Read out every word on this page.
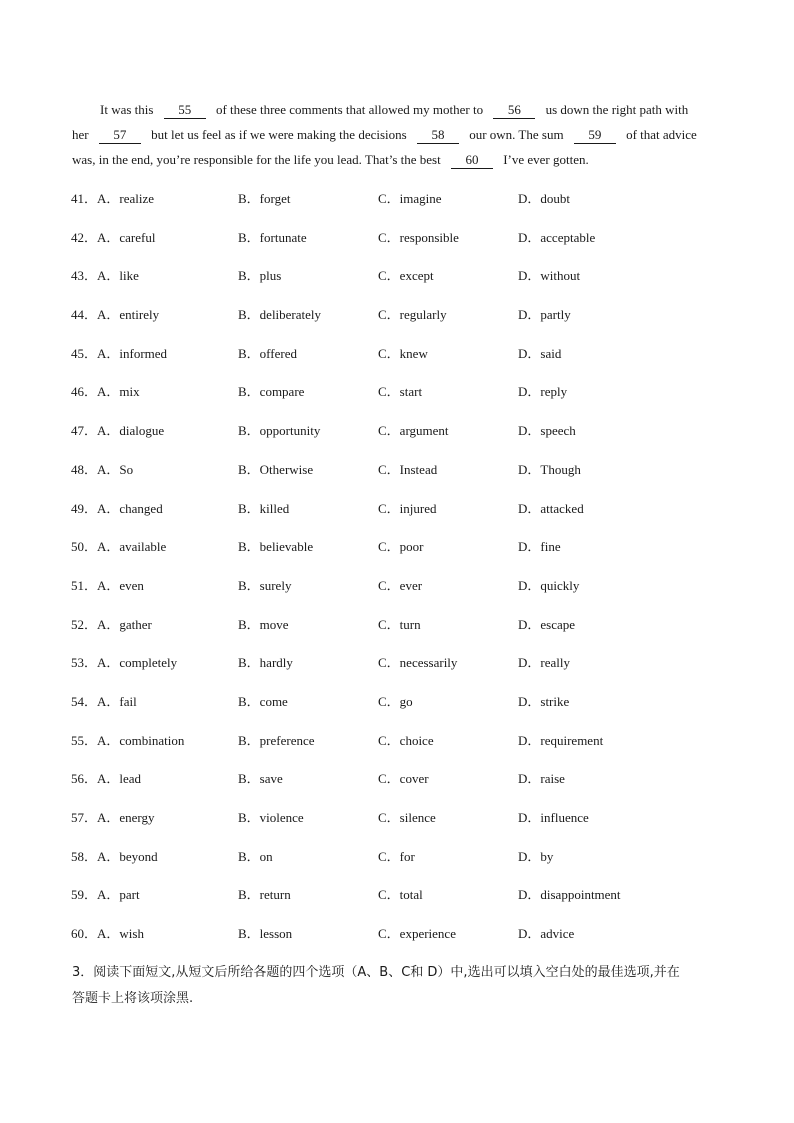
It was this 55 of these three comments that allowed my mother to 56 us down the right path with
her 57 but let us feel as if we were making the decisions 58 our own. The sum 59 of that advice
was, in the end, you’re responsible for the life you lead. That’s the best 60 I’ve ever gotten.
41． A．realize	B．forget	C．imagine	D．doubt
42． A．careful	B．fortunate	C．responsible	D．acceptable
43． A．like	B．plus	C．except	D．without
44． A．entirely	B．deliberately	C．regularly	D．partly
45． A．informed	B．offered	C．knew	D．said
46． A．mix	B．compare	C．start	D．reply
47． A．dialogue	B．opportunity	C．argument	D．speech
48． A．So	B．Otherwise	C．Instead	D．Though
49． A．changed	B．killed	C．injured	D．attacked
50． A．available	B．believable	C．poor	D．fine
51． A．even	B．surely	C．ever	D．quickly
52． A．gather	B．move	C．turn	D．escape
53． A．completely	B．hardly	C．necessarily	D．really
54． A．fail	B．come	C．go	D．strike
55． A．combination	B．preference	C．choice	D．requirement
56． A．lead	B．save	C．cover	D．raise
57． A．energy	B．violence	C．silence	D．influence
58． A．beyond	B．on	C．for	D．by
59． A．part	B．return	C．total	D．disappointment
60． A．wish	B．lesson	C．experience	D．advice
3．阅读下面短文,从短文后所给各题的四个选项（A、B、C和 D）中,选出可以填入空白处的最佳选项,并在
答题卡上将该项涂黑.
